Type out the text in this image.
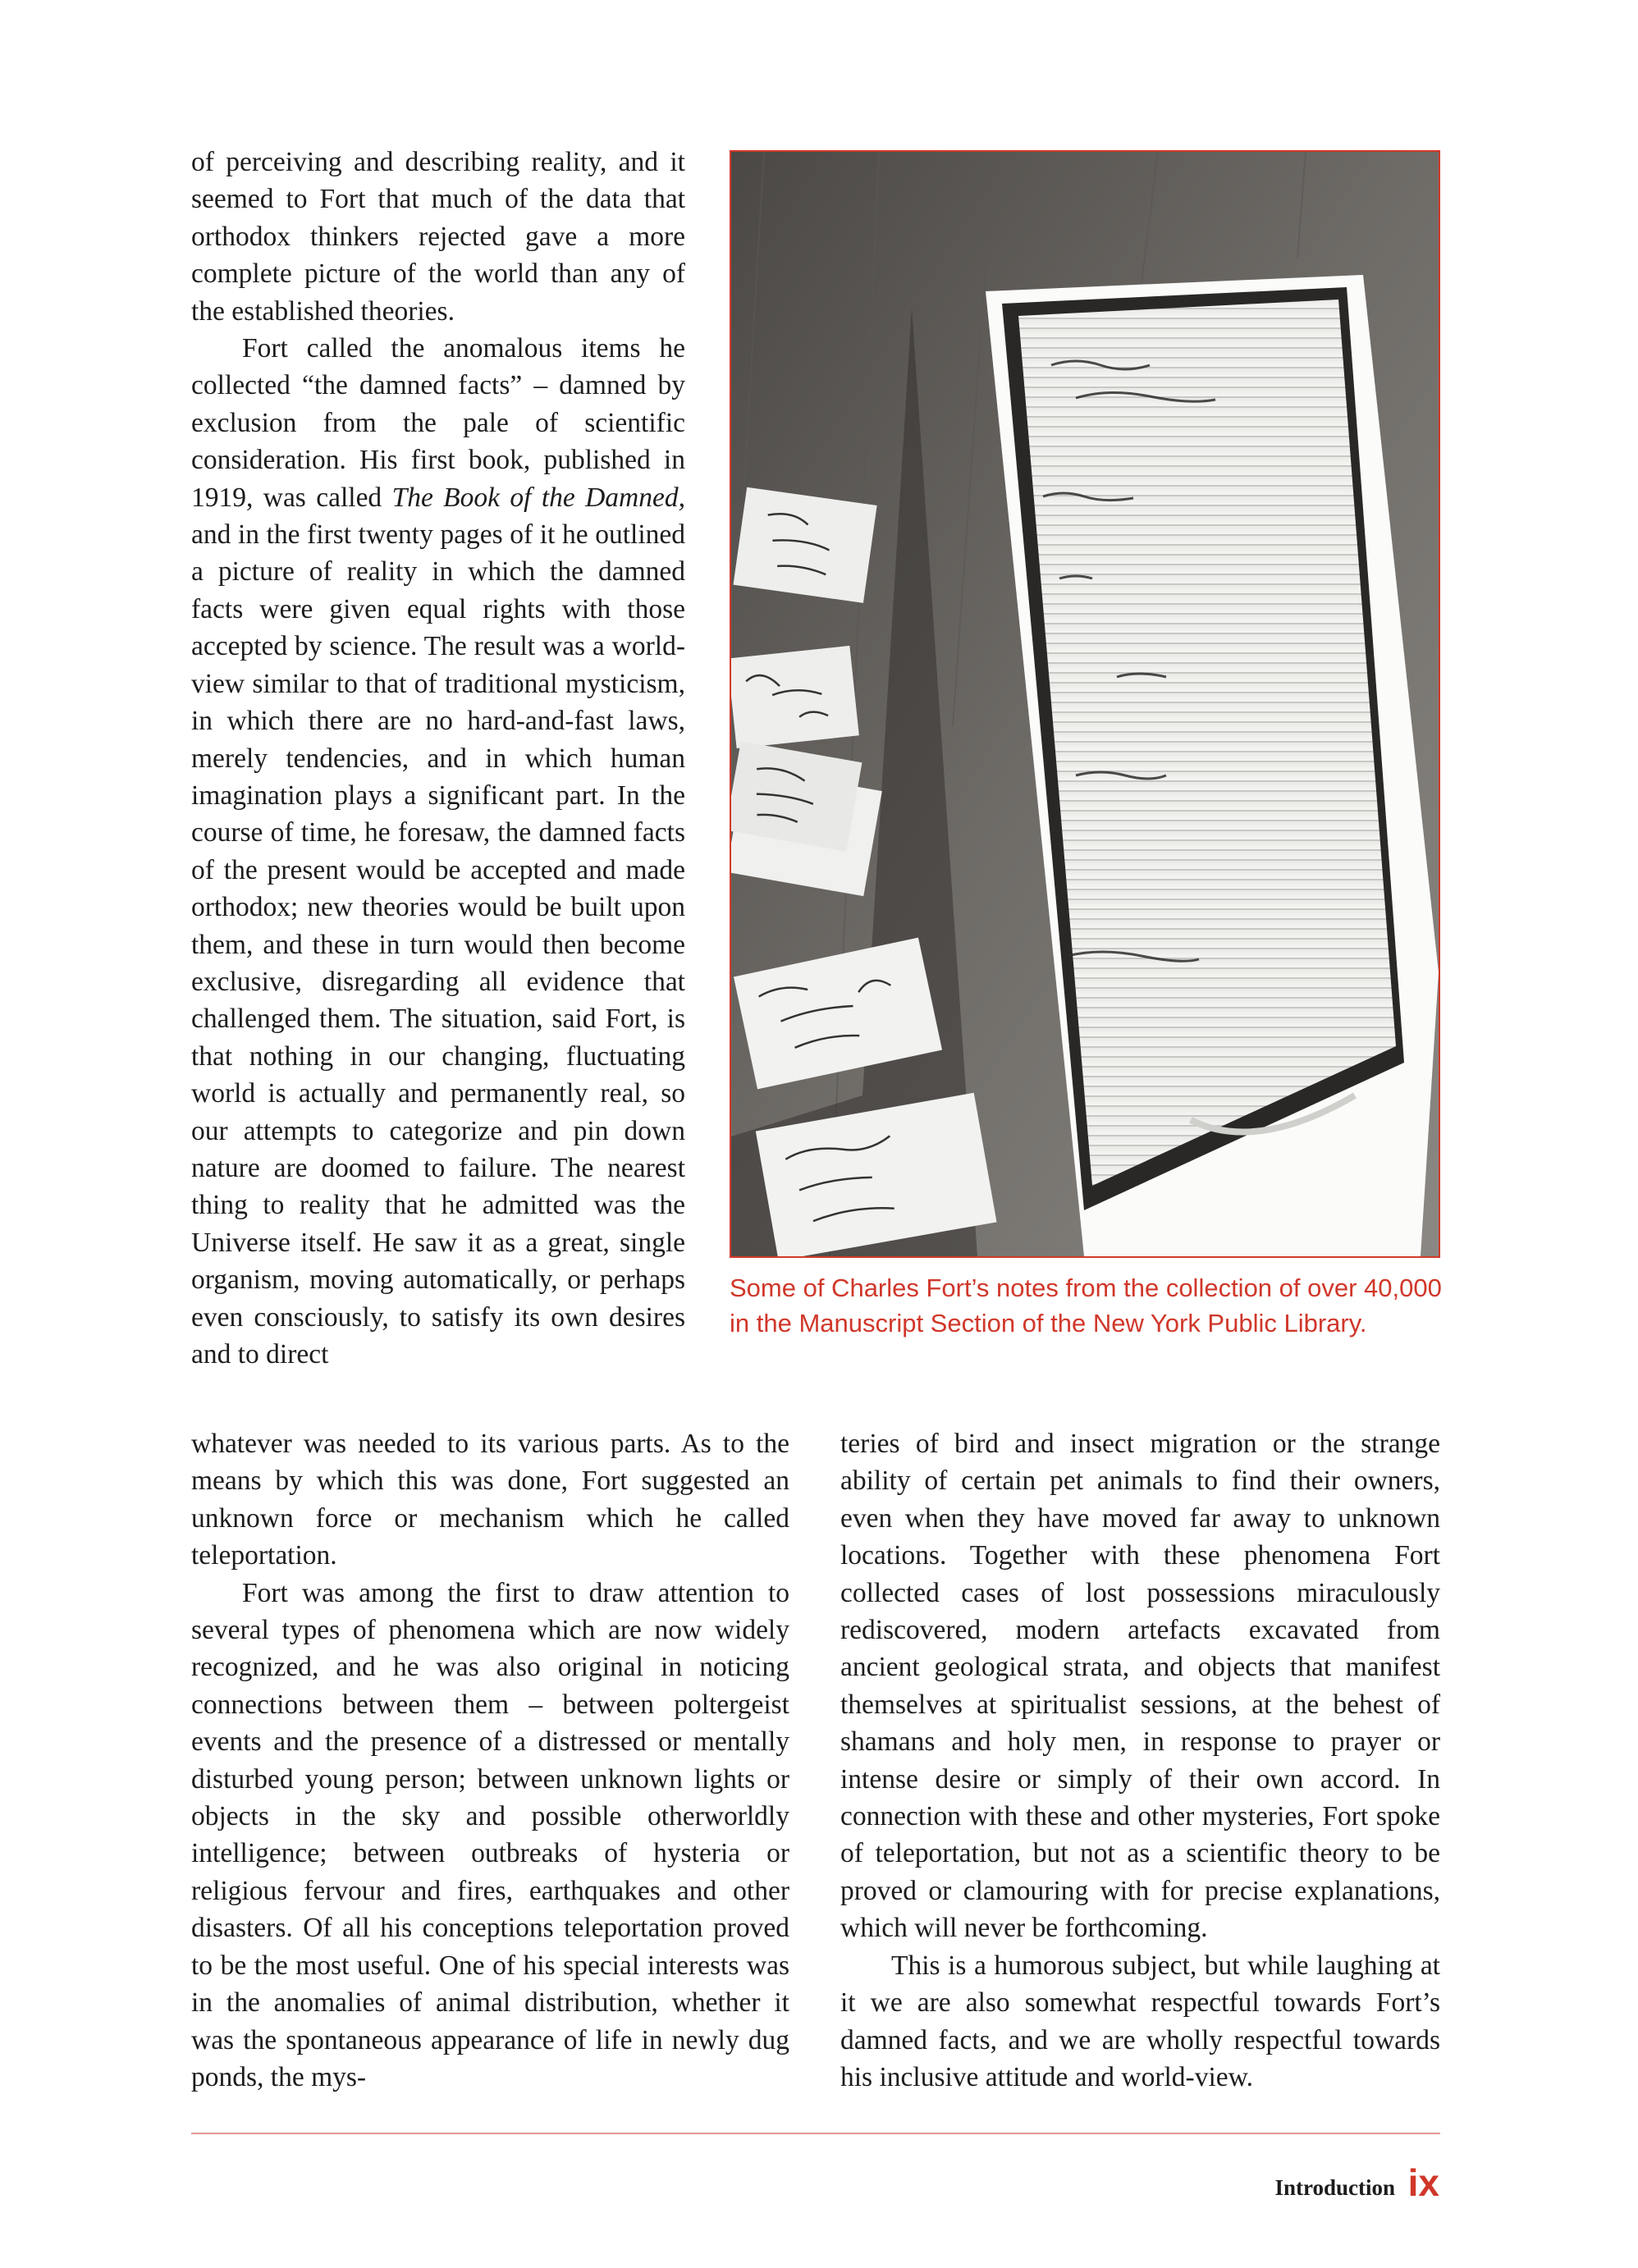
of perceiving and describing reality, and it seemed to Fort that much of the data that orthodox thinkers rejected gave a more complete picture of the world than any of the established theories.

Fort called the anomalous items he collected “the damned facts” – damned by exclusion from the pale of scientific consideration. His first book, published in 1919, was called The Book of the Damned, and in the first twenty pages of it he outlined a picture of reality in which the damned facts were given equal rights with those accepted by science. The result was a world-view similar to that of traditional mysticism, in which there are no hard-and-fast laws, merely tendencies, and in which human imagination plays a significant part. In the course of time, he foresaw, the damned facts of the present would be accepted and made orthodox; new theories would be built upon them, and these in turn would then become exclusive, disregarding all evidence that challenged them. The situation, said Fort, is that nothing in our changing, fluctuating world is actually and permanently real, so our attempts to categorize and pin down nature are doomed to failure. The nearest thing to reality that he admitted was the Universe itself. He saw it as a great, single organism, moving automatically, or perhaps even consciously, to satisfy its own desires and to direct

Some of Charles Fort’s notes from the collection of over 40,000 in the Manuscript Section of the New York Public Library.

whatever was needed to its various parts. As to the means by which this was done, Fort suggested an unknown force or mechanism which he called teleportation.

Fort was among the first to draw attention to several types of phenomena which are now widely recognized, and he was also original in noticing connections between them – between poltergeist events and the presence of a distressed or mentally disturbed young person; between unknown lights or objects in the sky and possible otherworldly intelligence; between outbreaks of hysteria or religious fervour and fires, earthquakes and other disasters. Of all his conceptions teleportation proved to be the most useful. One of his special interests was in the anomalies of animal distribution, whether it was the spontaneous appearance of life in newly dug ponds, the mys-

teries of bird and insect migration or the strange ability of certain pet animals to find their owners, even when they have moved far away to unknown locations. Together with these phenomena Fort collected cases of lost possessions miraculously rediscovered, modern artefacts excavated from ancient geological strata, and objects that manifest themselves at spiritualist sessions, at the behest of shamans and holy men, in response to prayer or intense desire or simply of their own accord. In connection with these and other mysteries, Fort spoke of teleportation, but not as a scientific theory to be proved or clamouring with for precise explanations, which will never be forthcoming.

This is a humorous subject, but while laughing at it we are also somewhat respectful towards Fort’s damned facts, and we are wholly respectful towards his inclusive attitude and world-view.

Introduction ix
